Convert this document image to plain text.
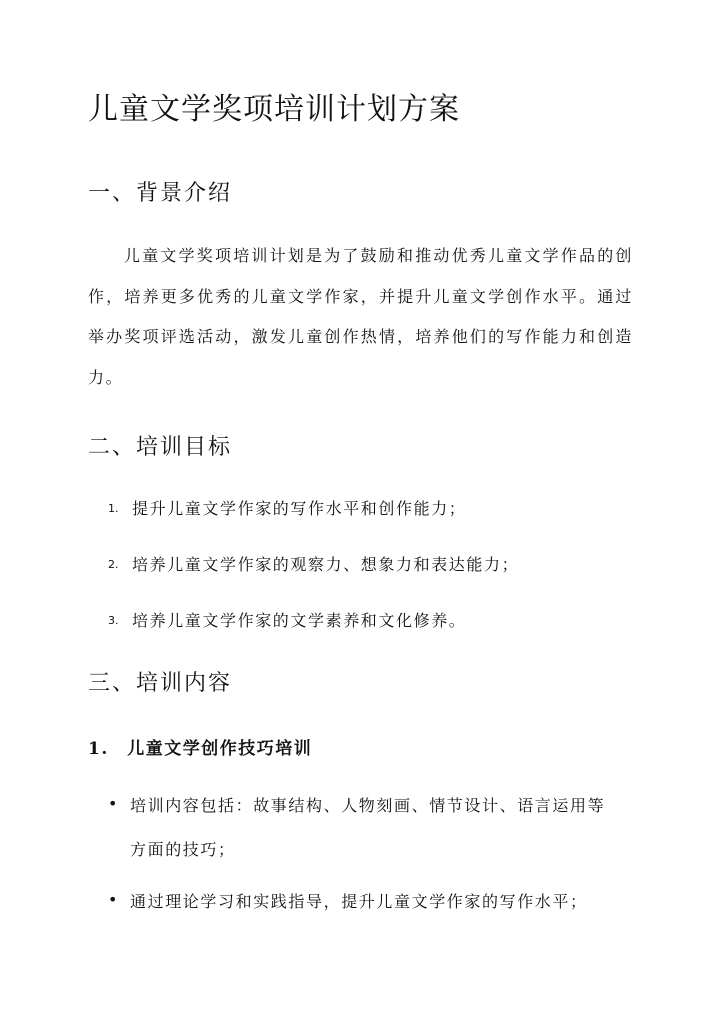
儿童文学奖项培训计划方案
一、背景介绍

儿童文学奖项培训计划是为了鼓励和推动优秀儿童文学作品的创作，培养更多优秀的儿童文学作家，并提升儿童文学创作水平。通过举办奖项评选活动，激发儿童创作热情，培养他们的写作能力和创造力。

二、培训目标
1. 提升儿童文学作家的写作水平和创作能力；
2. 培养儿童文学作家的观察力、想象力和表达能力；
3. 培养儿童文学作家的文学素养和文化修养。
三、培训内容
1.　儿童文学创作技巧培训
• 培训内容包括：故事结构、人物刻画、情节设计、语言运用等方面的技巧；
• 通过理论学习和实践指导，提升儿童文学作家的写作水平；
